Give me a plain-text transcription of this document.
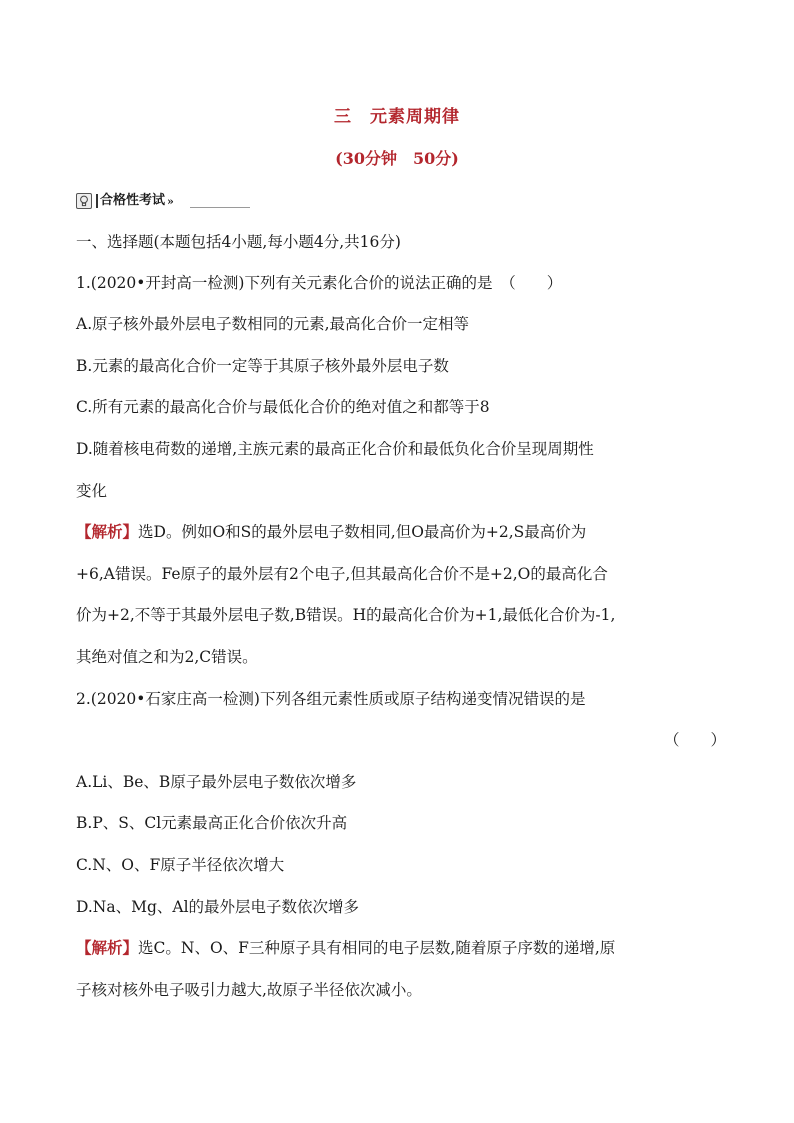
三　元素周期律
(30分钟　50分)
合格性考试 »
一、选择题(本题包括4小题,每小题4分,共16分)
1.(2020•开封高一检测)下列有关元素化合价的说法正确的是　（　　）
A.原子核外最外层电子数相同的元素,最高化合价一定相等
B.元素的最高化合价一定等于其原子核外最外层电子数
C.所有元素的最高化合价与最低化合价的绝对值之和都等于8
D.随着核电荷数的递增,主族元素的最高正化合价和最低负化合价呈现周期性
变化
【解析】选D。例如O和S的最外层电子数相同,但O最高价为+2,S最高价为
+6,A错误。Fe原子的最外层有2个电子,但其最高化合价不是+2,O的最高化合
价为+2,不等于其最外层电子数,B错误。H的最高化合价为+1,最低化合价为-1,
其绝对值之和为2,C错误。
2.(2020•石家庄高一检测)下列各组元素性质或原子结构递变情况错误的是
（　　）
A.Li、Be、B原子最外层电子数依次增多
B.P、S、Cl元素最高正化合价依次升高
C.N、O、F原子半径依次增大
D.Na、Mg、Al的最外层电子数依次增多
【解析】选C。N、O、F三种原子具有相同的电子层数,随着原子序数的递增,原
子核对核外电子吸引力越大,故原子半径依次减小。
